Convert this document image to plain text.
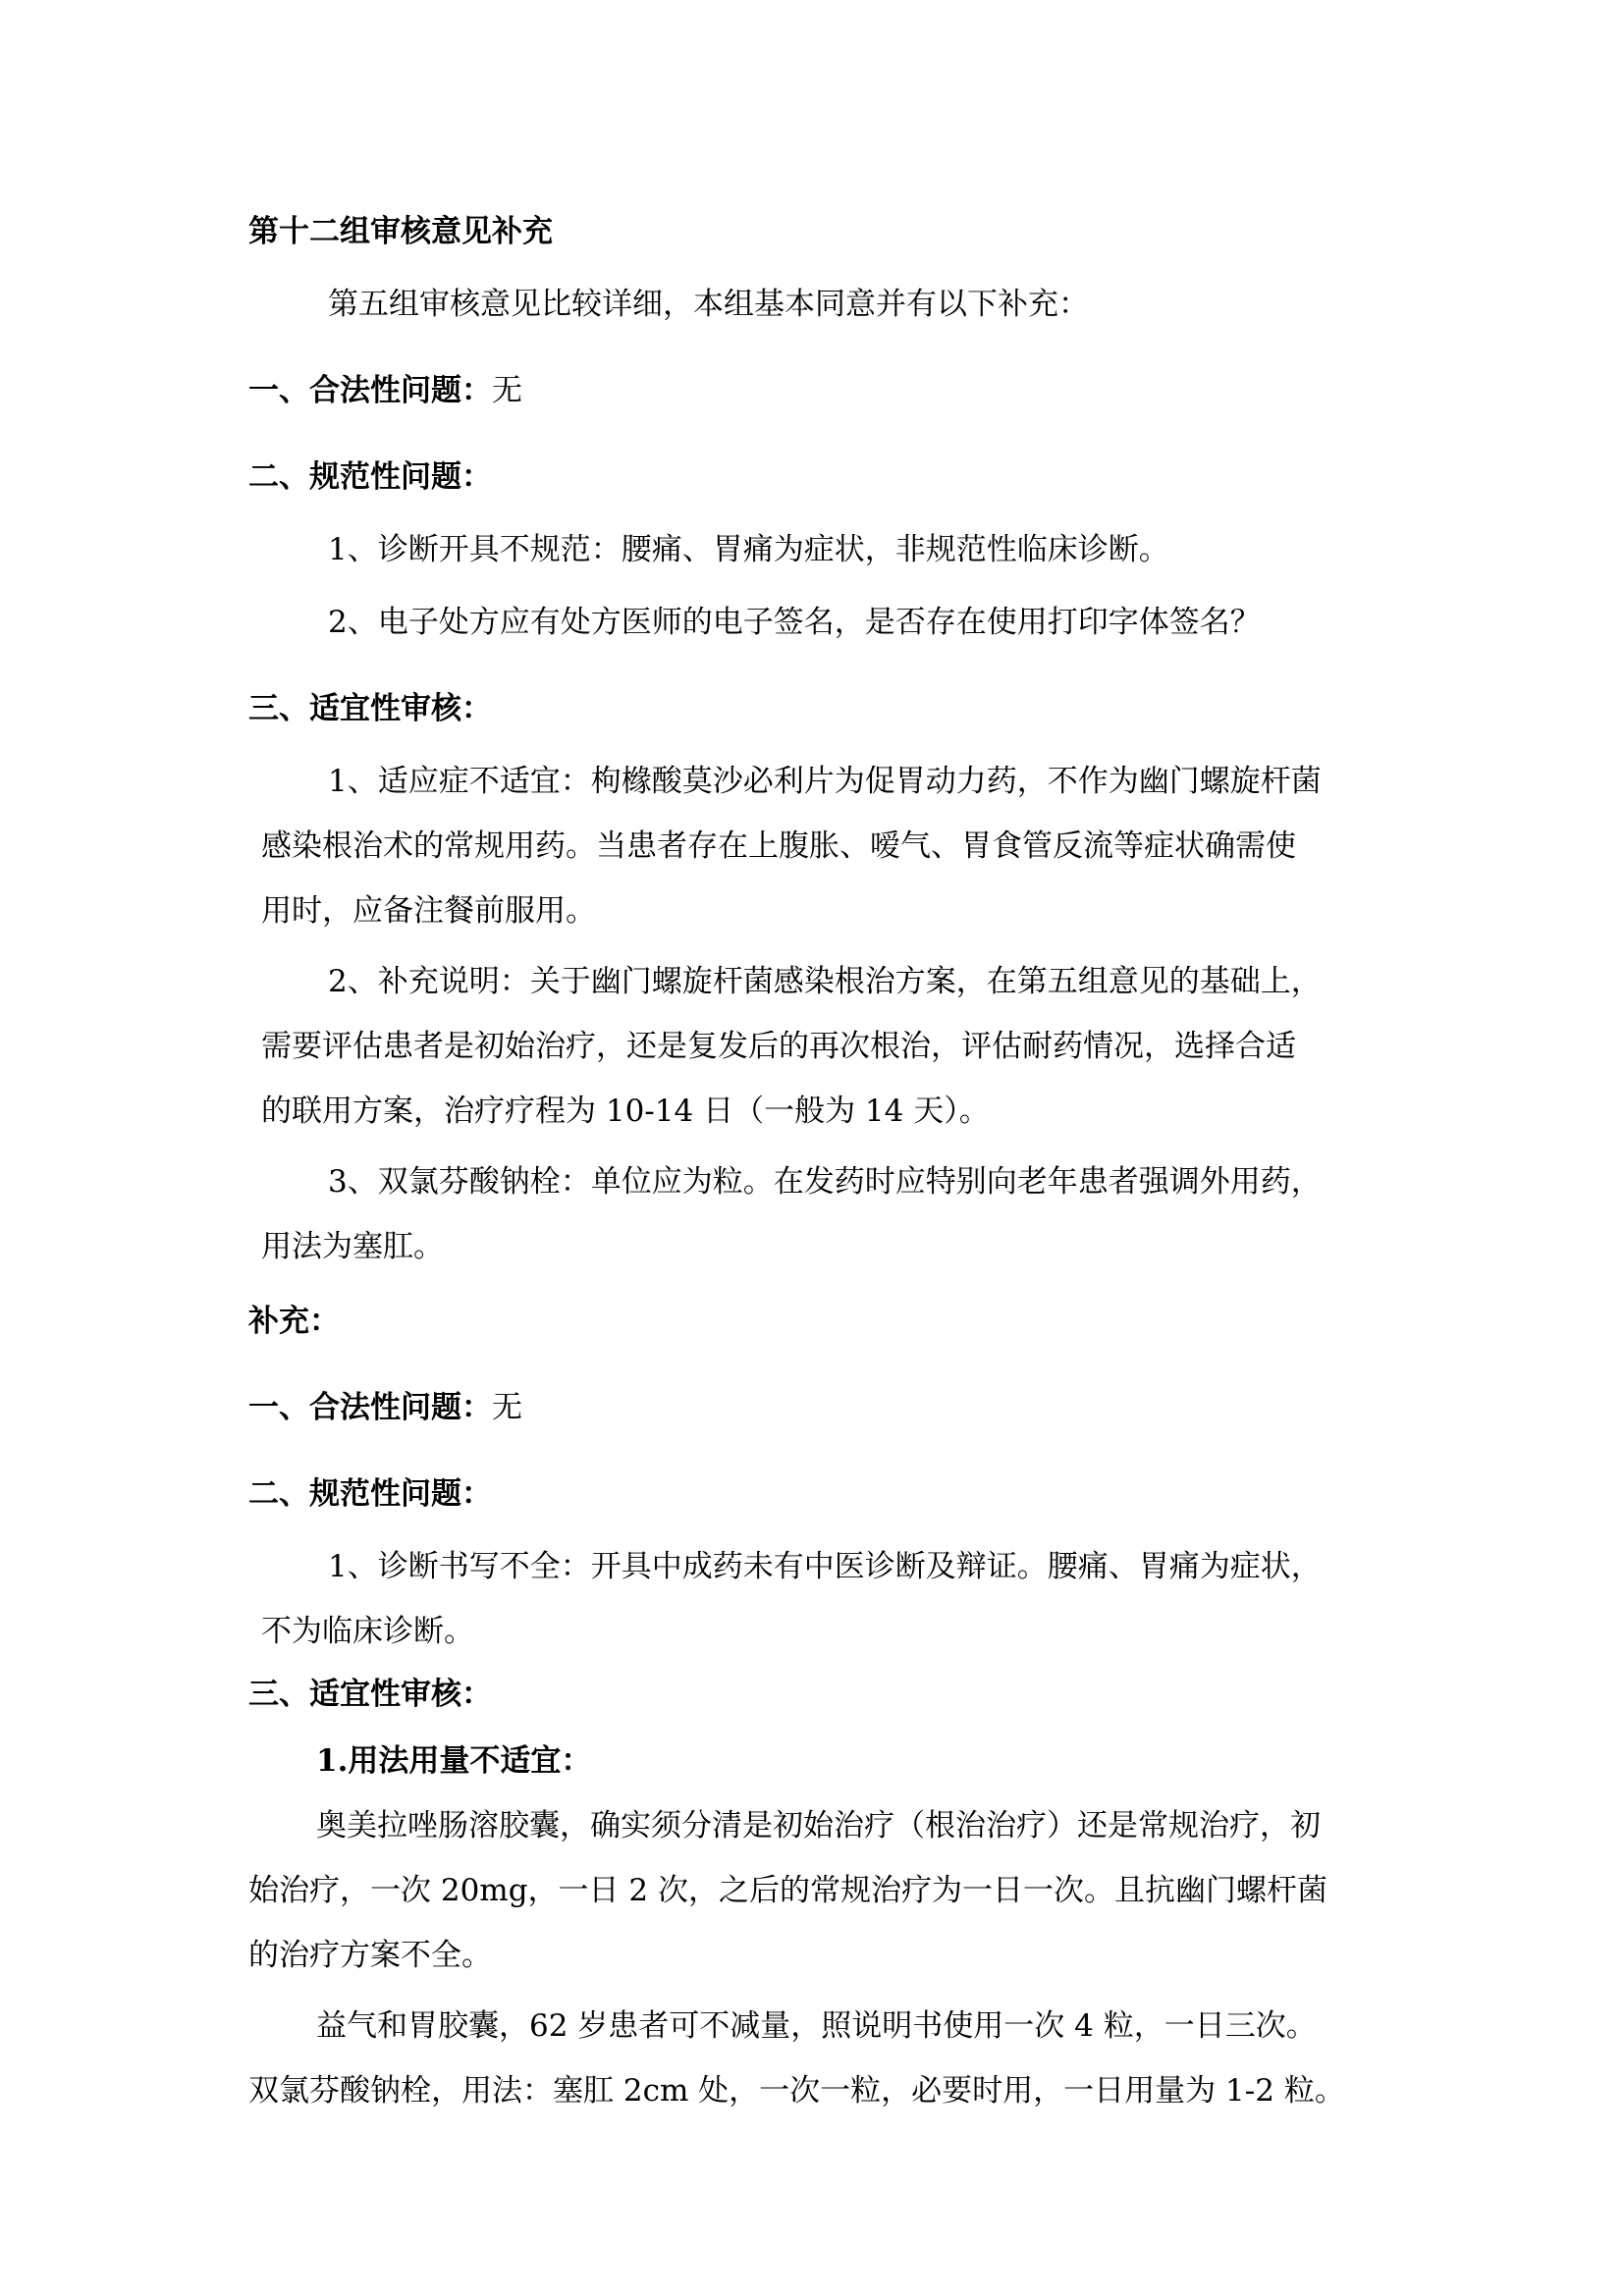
第十二组审核意见补充

第五组审核意见比较详细，本组基本同意并有以下补充：

一、合法性问题：无

二、规范性问题：

1、诊断开具不规范：腰痛、胃痛为症状，非规范性临床诊断。

2、电子处方应有处方医师的电子签名，是否存在使用打印字体签名？

三、适宜性审核：

1、适应症不适宜：枸橼酸莫沙必利片为促胃动力药，不作为幽门螺旋杆菌

感染根治术的常规用药。当患者存在上腹胀、嗳气、胃食管反流等症状确需使

用时，应备注餐前服用。

2、补充说明：关于幽门螺旋杆菌感染根治方案，在第五组意见的基础上，

需要评估患者是初始治疗，还是复发后的再次根治，评估耐药情况，选择合适

的联用方案，治疗疗程为 10-14 日（一般为 14 天）。

3、双氯芬酸钠栓：单位应为粒。在发药时应特别向老年患者强调外用药，

用法为塞肛。

补充：

一、合法性问题：无

二、规范性问题：

1、诊断书写不全：开具中成药未有中医诊断及辩证。腰痛、胃痛为症状，

不为临床诊断。

三、适宜性审核：

1.用法用量不适宜：

奥美拉唑肠溶胶囊，确实须分清是初始治疗（根治治疗）还是常规治疗，初

始治疗，一次 20mg，一日 2 次，之后的常规治疗为一日一次。且抗幽门螺杆菌

的治疗方案不全。

益气和胃胶囊，62 岁患者可不减量，照说明书使用一次 4 粒，一日三次。

双氯芬酸钠栓，用法：塞肛 2cm 处，一次一粒，必要时用，一日用量为 1-2 粒。
